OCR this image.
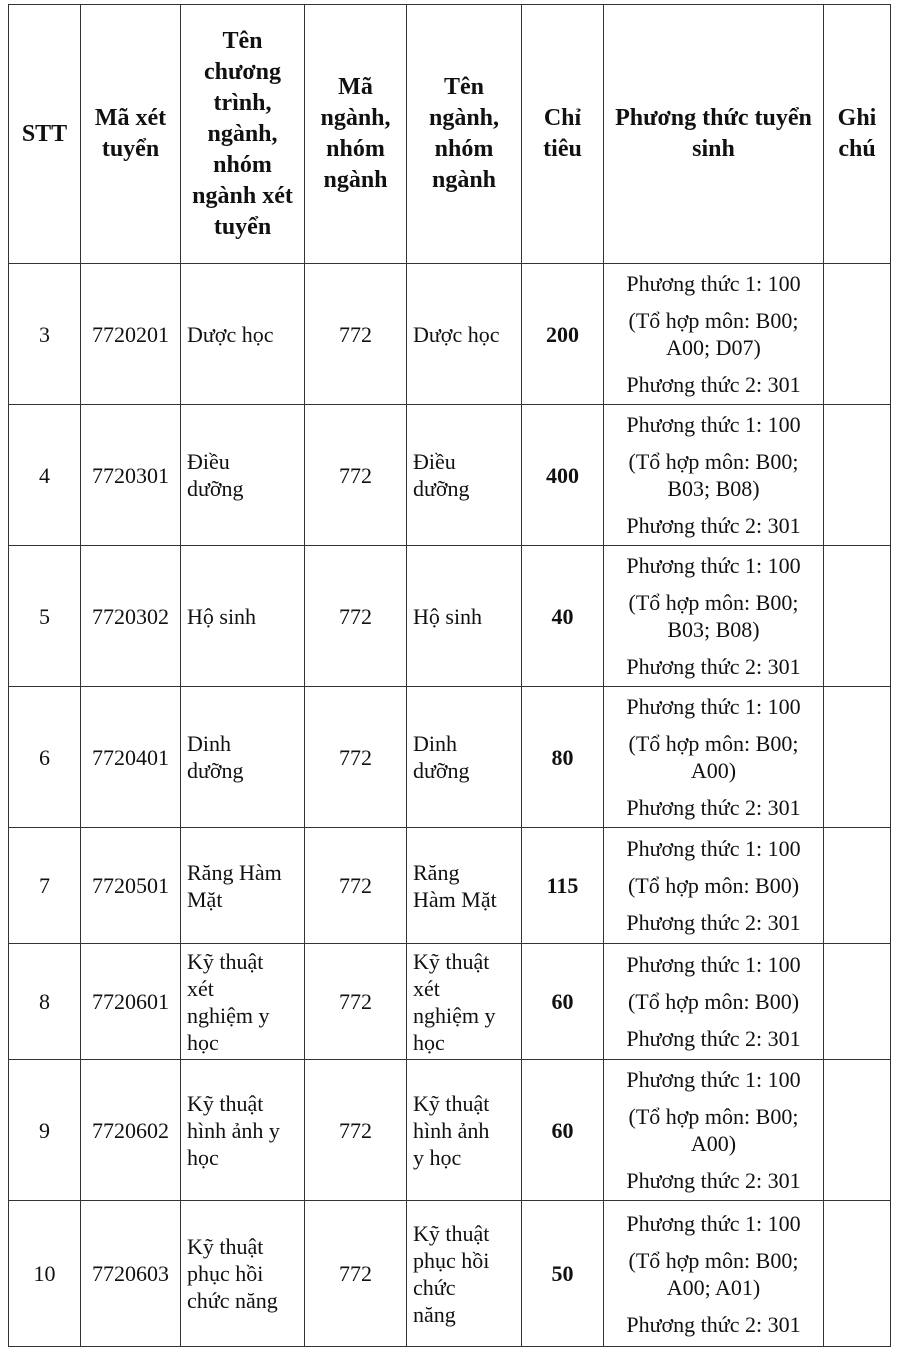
STT	Mã xét tuyển	Tên chương trình, ngành, nhóm ngành xét tuyển	Mã ngành, nhóm ngành	Tên ngành, nhóm ngành	Chỉ tiêu	Phương thức tuyển sinh	Ghi chú
3	7720201	Dược học	772	Dược học	200	Phương thức 1: 100
(Tổ hợp môn: B00;
A00; D07)
Phương thức 2: 301	

4	7720301	Điều
dưỡng	772	Điều
dưỡng	400	Phương thức 1: 100
(Tổ hợp môn: B00;
B03; B08)
Phương thức 2: 301	

5	7720302	Hộ sinh	772	Hộ sinh	40	Phương thức 1: 100
(Tổ hợp môn: B00;
B03; B08)
Phương thức 2: 301	

6	7720401	Dinh
dưỡng	772	Dinh
dưỡng	80	Phương thức 1: 100
(Tổ hợp môn: B00;
A00)
Phương thức 2: 301	

7	7720501	Răng Hàm
Mặt	772	Răng
Hàm Mặt	115	Phương thức 1: 100
(Tổ hợp môn: B00)
Phương thức 2: 301	

8	7720601	Kỹ thuật
xét
nghiệm y
học	772	Kỹ thuật
xét
nghiệm y
học	60	Phương thức 1: 100
(Tổ hợp môn: B00)
Phương thức 2: 301	

9	7720602	Kỹ thuật
hình ảnh y
học	772	Kỹ thuật
hình ảnh
y học	60	Phương thức 1: 100
(Tổ hợp môn: B00;
A00)
Phương thức 2: 301	

10	7720603	Kỹ thuật
phục hồi
chức năng	772	Kỹ thuật
phục hồi
chức
năng	50	Phương thức 1: 100
(Tổ hợp môn: B00;
A00; A01)
Phương thức 2: 301	
